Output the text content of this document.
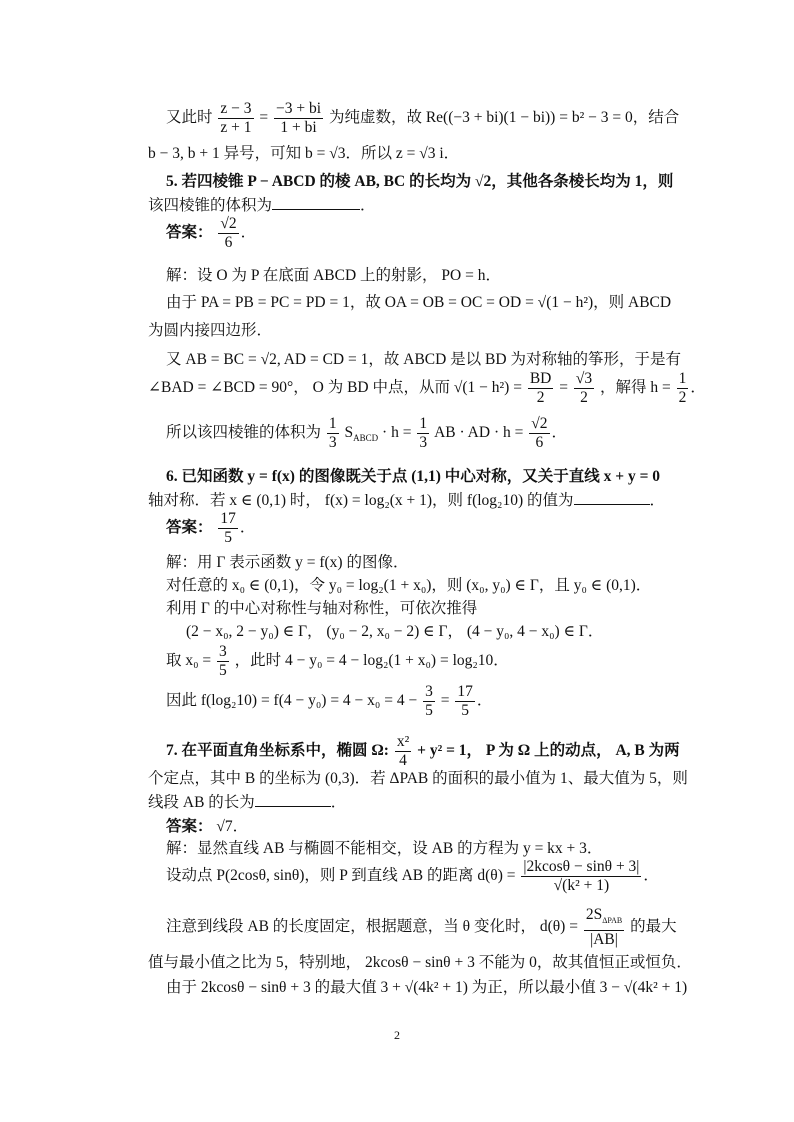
又此时 $\frac{z - 3}{z + 1} = \frac{-3 + bi}{1 + bi}$ 为纯虚数，故 Re((−3 + bi)(1 − bi)) = b² − 3 = 0，结合
b − 3, b + 1 异号，可知 b = √3．所以 z = √3 i．
5. 若四棱锥 P − ABCD 的棱 AB, BC 的长均为 √2，其他各条棱长均为 1，则
该四棱锥的体积为	．
答案： $\frac{√2}{6}$ ．
解：设 O 为 P 在底面 ABCD 上的射影， PO = h．
由于 PA = PB = PC = PD = 1，故 OA = OB = OC = OD = √(1 − h²)，则 ABCD
为圆内接四边形．
又 AB = BC = √2, AD = CD = 1，故 ABCD 是以 BD 为对称轴的筝形，于是有
∠BAD = ∠BCD = 90°， O 为 BD 中点，从而 $√(1 - h^2) = \frac{BD}{2} = \frac{√3}{2}$ ，解得 $h = \frac{1}{2}$ ．
所以该四棱锥的体积为 $\frac{1}{3} S_{ABCD} \cdot h = \frac{1}{3}$ AB · AD · $h = \frac{√2}{6}$ ．
6. 已知函数 y = f(x) 的图像既关于点 (1,1) 中心对称，又关于直线 x + y = 0
轴对称．若 x ∈ (0,1) 时， f(x) = log₂(x + 1)，则 f(log₂10) 的值为	．
答案： $\frac{17}{5}$ ．
解：用 Γ 表示函数 y = f(x) 的图像．
对任意的 x₀ ∈ (0,1)，令 y₀ = log₂(1 + x₀)，则 (x₀, y₀) ∈ Γ，且 y₀ ∈ (0,1)．
利用 Γ 的中心对称性与轴对称性，可依次推得
(2 − x₀, 2 − y₀) ∈ Γ， (y₀ − 2, x₀ − 2) ∈ Γ， (4 − y₀, 4 − x₀) ∈ Γ．
取 $x_0 = \frac{3}{5}$ ，此时 4 − y₀ = 4 − log₂(1 + x₀) = log₂10．
因此 $f(\log_210) = f(4 - y_0) = 4 - x_0 = 4 - \frac{3}{5} = \frac{17}{5}$ ．
7. 在平面直角坐标系中，椭圆 Ω: $\frac{\text{x²}}{4} + y^2 = 1$， P 为 Ω 上的动点， A, B 为两
个定点，其中 B 的坐标为 (0,3)．若 ΔPAB 的面积的最小值为 1、最大值为 5，则
线段 AB 的长为	．
答案： √7．
解：显然直线 AB 与椭圆不能相交，设 AB 的方程为 y = kx + 3．
设动点 P(2cosθ, sinθ)，则 P 到直线 AB 的距离 $d(\theta) = \frac{|2kcos\theta - \sin\theta + 3|}{\text{√(k² + 1)}}$ ．
注意到线段 AB 的长度固定，根据题意，当 θ 变化时， $d(\theta) = \frac{2S_{\Delta PAB}}{|AB|}$ 的最大
值与最小值之比为 5，特别地， 2kcosθ − sinθ + 3 不能为 0，故其值恒正或恒负．
由于 2kcosθ − sinθ + 3 的最大值 3 + √(4k² + 1) 为正，所以最小值 3 − √(4k² + 1)
2
